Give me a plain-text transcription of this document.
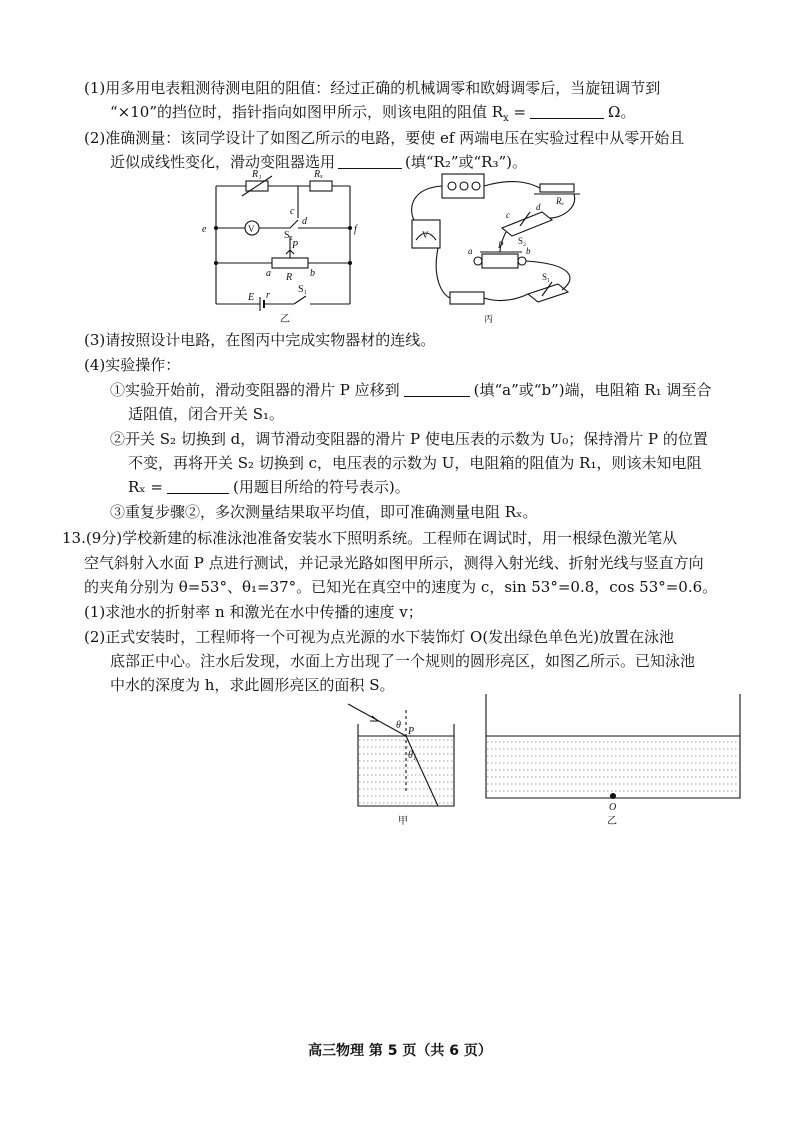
(1)用多用电表粗测待测电阻的阻值：经过正确的机械调零和欧姆调零后，当旋钮调节到
“×10”的挡位时，指针指向如图甲所示，则该电阻的阻值 $R_x$ =	Ω。
(2)准确测量：该同学设计了如图乙所示的电路，要使 ef 两端电压在实验过程中从零开始且
近似成线性变化，滑动变阻器选用	(填“R₂”或“R₃”)。
R₁	Rₓ
e	f
c
d
S₂
P
a	b
R
E r
S₁
V
乙
Rₓ
c
d
S₂
a	b
P
S₁
V
丙
(3)请按照设计电路，在图丙中完成实物器材的连线。
(4)实验操作：
①实验开始前，滑动变阻器的滑片 P 应移到	(填“a”或“b”)端，电阻箱 R₁ 调至合
适阻值，闭合开关 S₁。
②开关 S₂ 切换到 d，调节滑动变阻器的滑片 P 使电压表的示数为 U₀；保持滑片 P 的位置
不变，再将开关 S₂ 切换到 c，电压表的示数为 U，电阻箱的阻值为 R₁，则该未知电阻
Rₓ =	(用题目所给的符号表示)。
③重复步骤②，多次测量结果取平均值，即可准确测量电阻 Rₓ。
13.(9分)学校新建的标准泳池准备安装水下照明系统。工程师在调试时，用一根绿色激光笔从
空气斜射入水面 P 点进行测试，并记录光路如图甲所示，测得入射光线、折射光线与竖直方向
的夹角分别为 θ=53°、θ₁=37°。已知光在真空中的速度为 c，sin 53°=0.8，cos 53°=0.6。
(1)求池水的折射率 n 和激光在水中传播的速度 v；
(2)正式安装时，工程师将一个可视为点光源的水下装饰灯 O(发出绿色单色光)放置在泳池
底部正中心。注水后发现，水面上方出现了一个规则的圆形亮区，如图乙所示。已知泳池
中水的深度为 h，求此圆形亮区的面积 S。
θ
P
θ₁
甲
O
乙
高三物理 第 5 页（共 6 页）
